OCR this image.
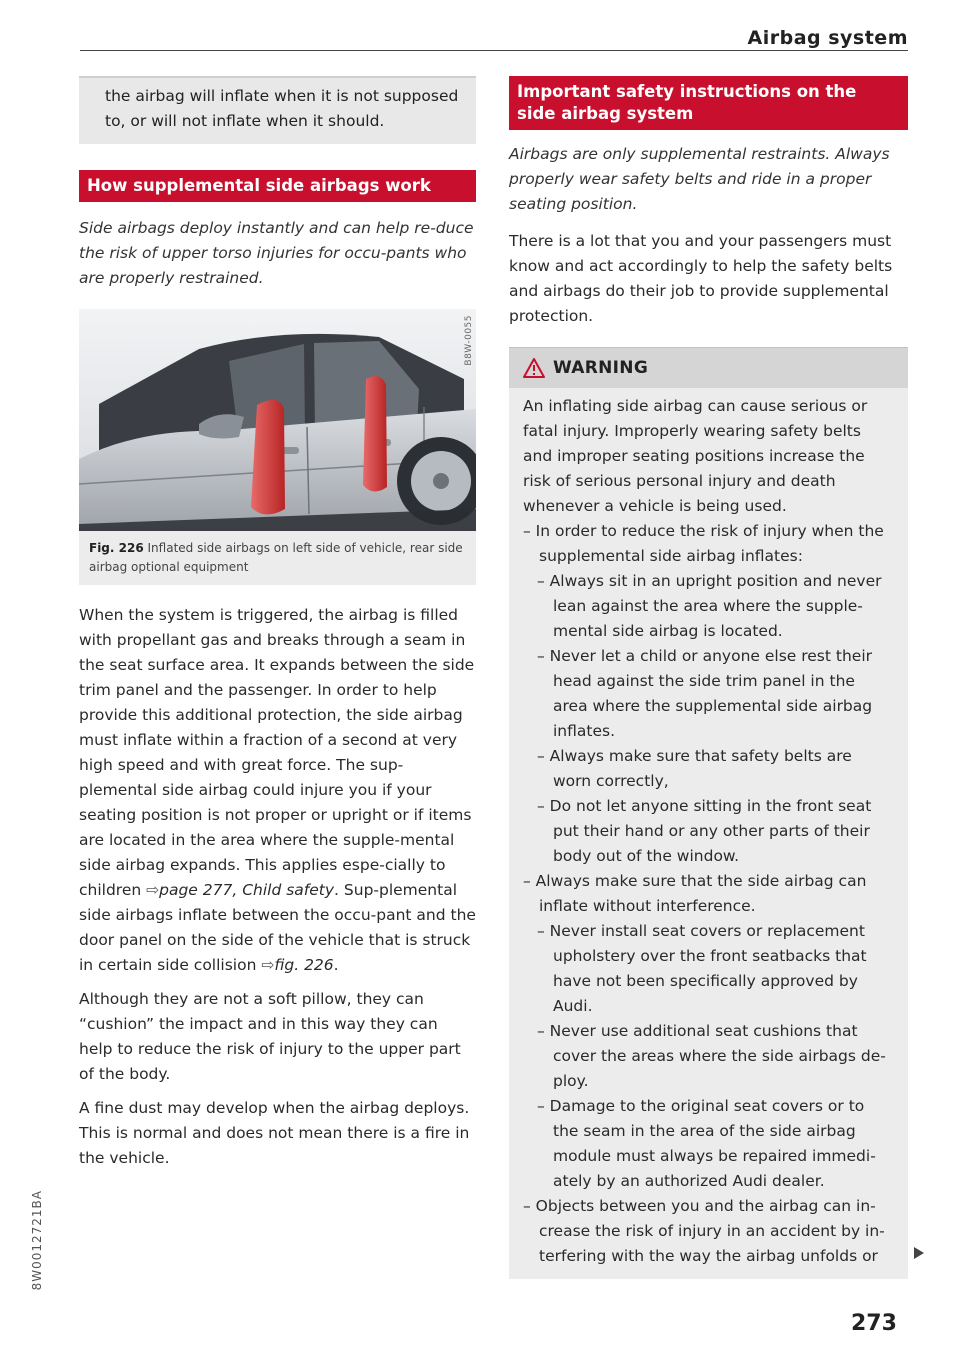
Airbag system

the airbag will inflate when it is not supposed to, or will not inflate when it should.

How supplemental side airbags work

Side airbags deploy instantly and can help re-duce the risk of upper torso injuries for occu-pants who are properly restrained.

B8W-0055
Fig. 226 Inflated side airbags on left side of vehicle, rear side airbag optional equipment

When the system is triggered, the airbag is filled with propellant gas and breaks through a seam in the seat surface area. It expands between the side trim panel and the passenger. In order to help provide this additional protection, the side airbag must inflate within a fraction of a second at very high speed and with great force. The sup-plemental side airbag could injure you if your seating position is not proper or upright or if items are located in the area where the supple-mental side airbag expands. This applies espe-cially to children ⇨page 277, Child safety. Sup-plemental side airbags inflate between the occu-pant and the door panel on the side of the vehicle that is struck in certain side collision ⇨fig. 226.

Although they are not a soft pillow, they can “cushion” the impact and in this way they can help to reduce the risk of injury to the upper part of the body.

A fine dust may develop when the airbag deploys. This is normal and does not mean there is a fire in the vehicle.

Important safety instructions on the side airbag system

Airbags are only supplemental restraints. Always properly wear safety belts and ride in a proper seating position.

There is a lot that you and your passengers must know and act accordingly to help the safety belts and airbags do their job to provide supplemental protection.

WARNING

An inflating side airbag can cause serious or fatal injury. Improperly wearing safety belts and improper seating positions increase the risk of serious personal injury and death whenever a vehicle is being used.

– In order to reduce the risk of injury when the supplemental side airbag inflates:

– Always sit in an upright position and never lean against the area where the supple-mental side airbag is located.

– Never let a child or anyone else rest their head against the side trim panel in the area where the supplemental side airbag inflates.

– Always make sure that safety belts are worn correctly,

– Do not let anyone sitting in the front seat put their hand or any other parts of their body out of the window.

– Always make sure that the side airbag can inflate without interference.

– Never install seat covers or replacement upholstery over the front seatbacks that have not been specifically approved by Audi.

– Never use additional seat cushions that cover the areas where the side airbags de-ploy.

– Damage to the original seat covers or to the seam in the area of the side airbag module must always be repaired immedi-ately by an authorized Audi dealer.

– Objects between you and the airbag can in-crease the risk of injury in an accident by in-terfering with the way the airbag unfolds or

273
8W0012721BA
